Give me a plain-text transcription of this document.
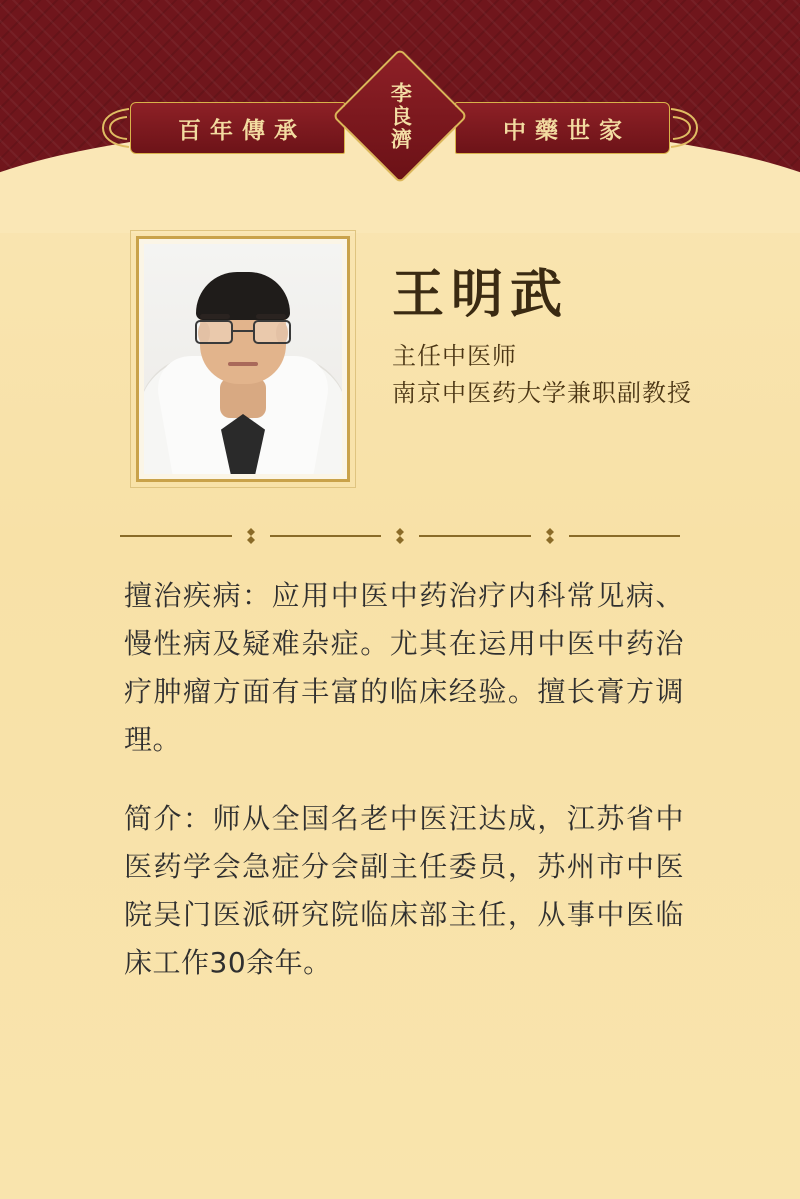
百年傳承	中藥世家
李良濟
王明武
主任中医师
南京中医药大学兼职副教授

擅治疾病：应用中医中药治疗内科常见病、慢性病及疑难杂症。尤其在运用中医中药治疗肿瘤方面有丰富的临床经验。擅长膏方调理。

简介：师从全国名老中医汪达成，江苏省中医药学会急症分会副主任委员，苏州市中医院吴门医派研究院临床部主任，从事中医临床工作30余年。
